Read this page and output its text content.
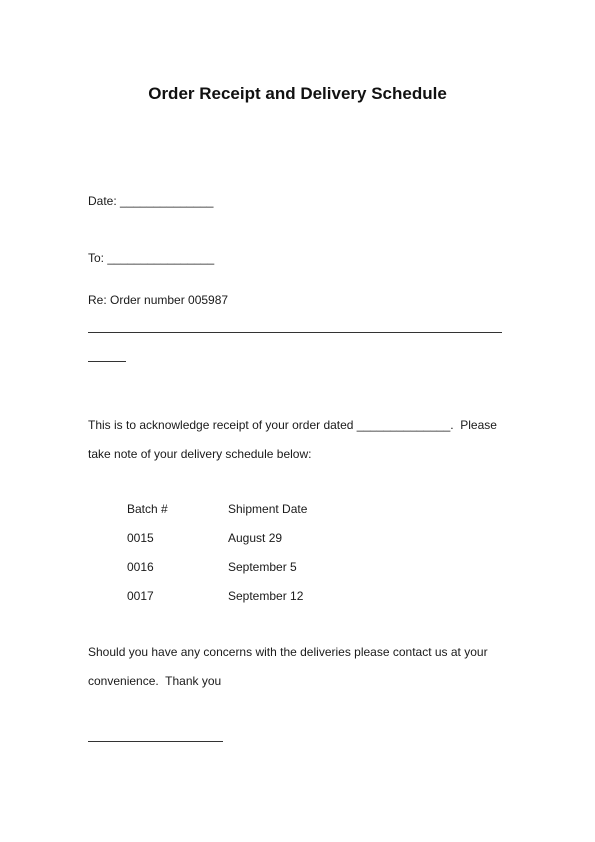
Order Receipt and Delivery Schedule
Date: ______________
To: ________________
Re: Order number 005987
This is to acknowledge receipt of your order dated ______________.  Please
take note of your delivery schedule below:
Batch #	Shipment Date
0015	August 29
0016	September 5
0017	September 12
Should you have any concerns with the deliveries please contact us at your
convenience.  Thank you
